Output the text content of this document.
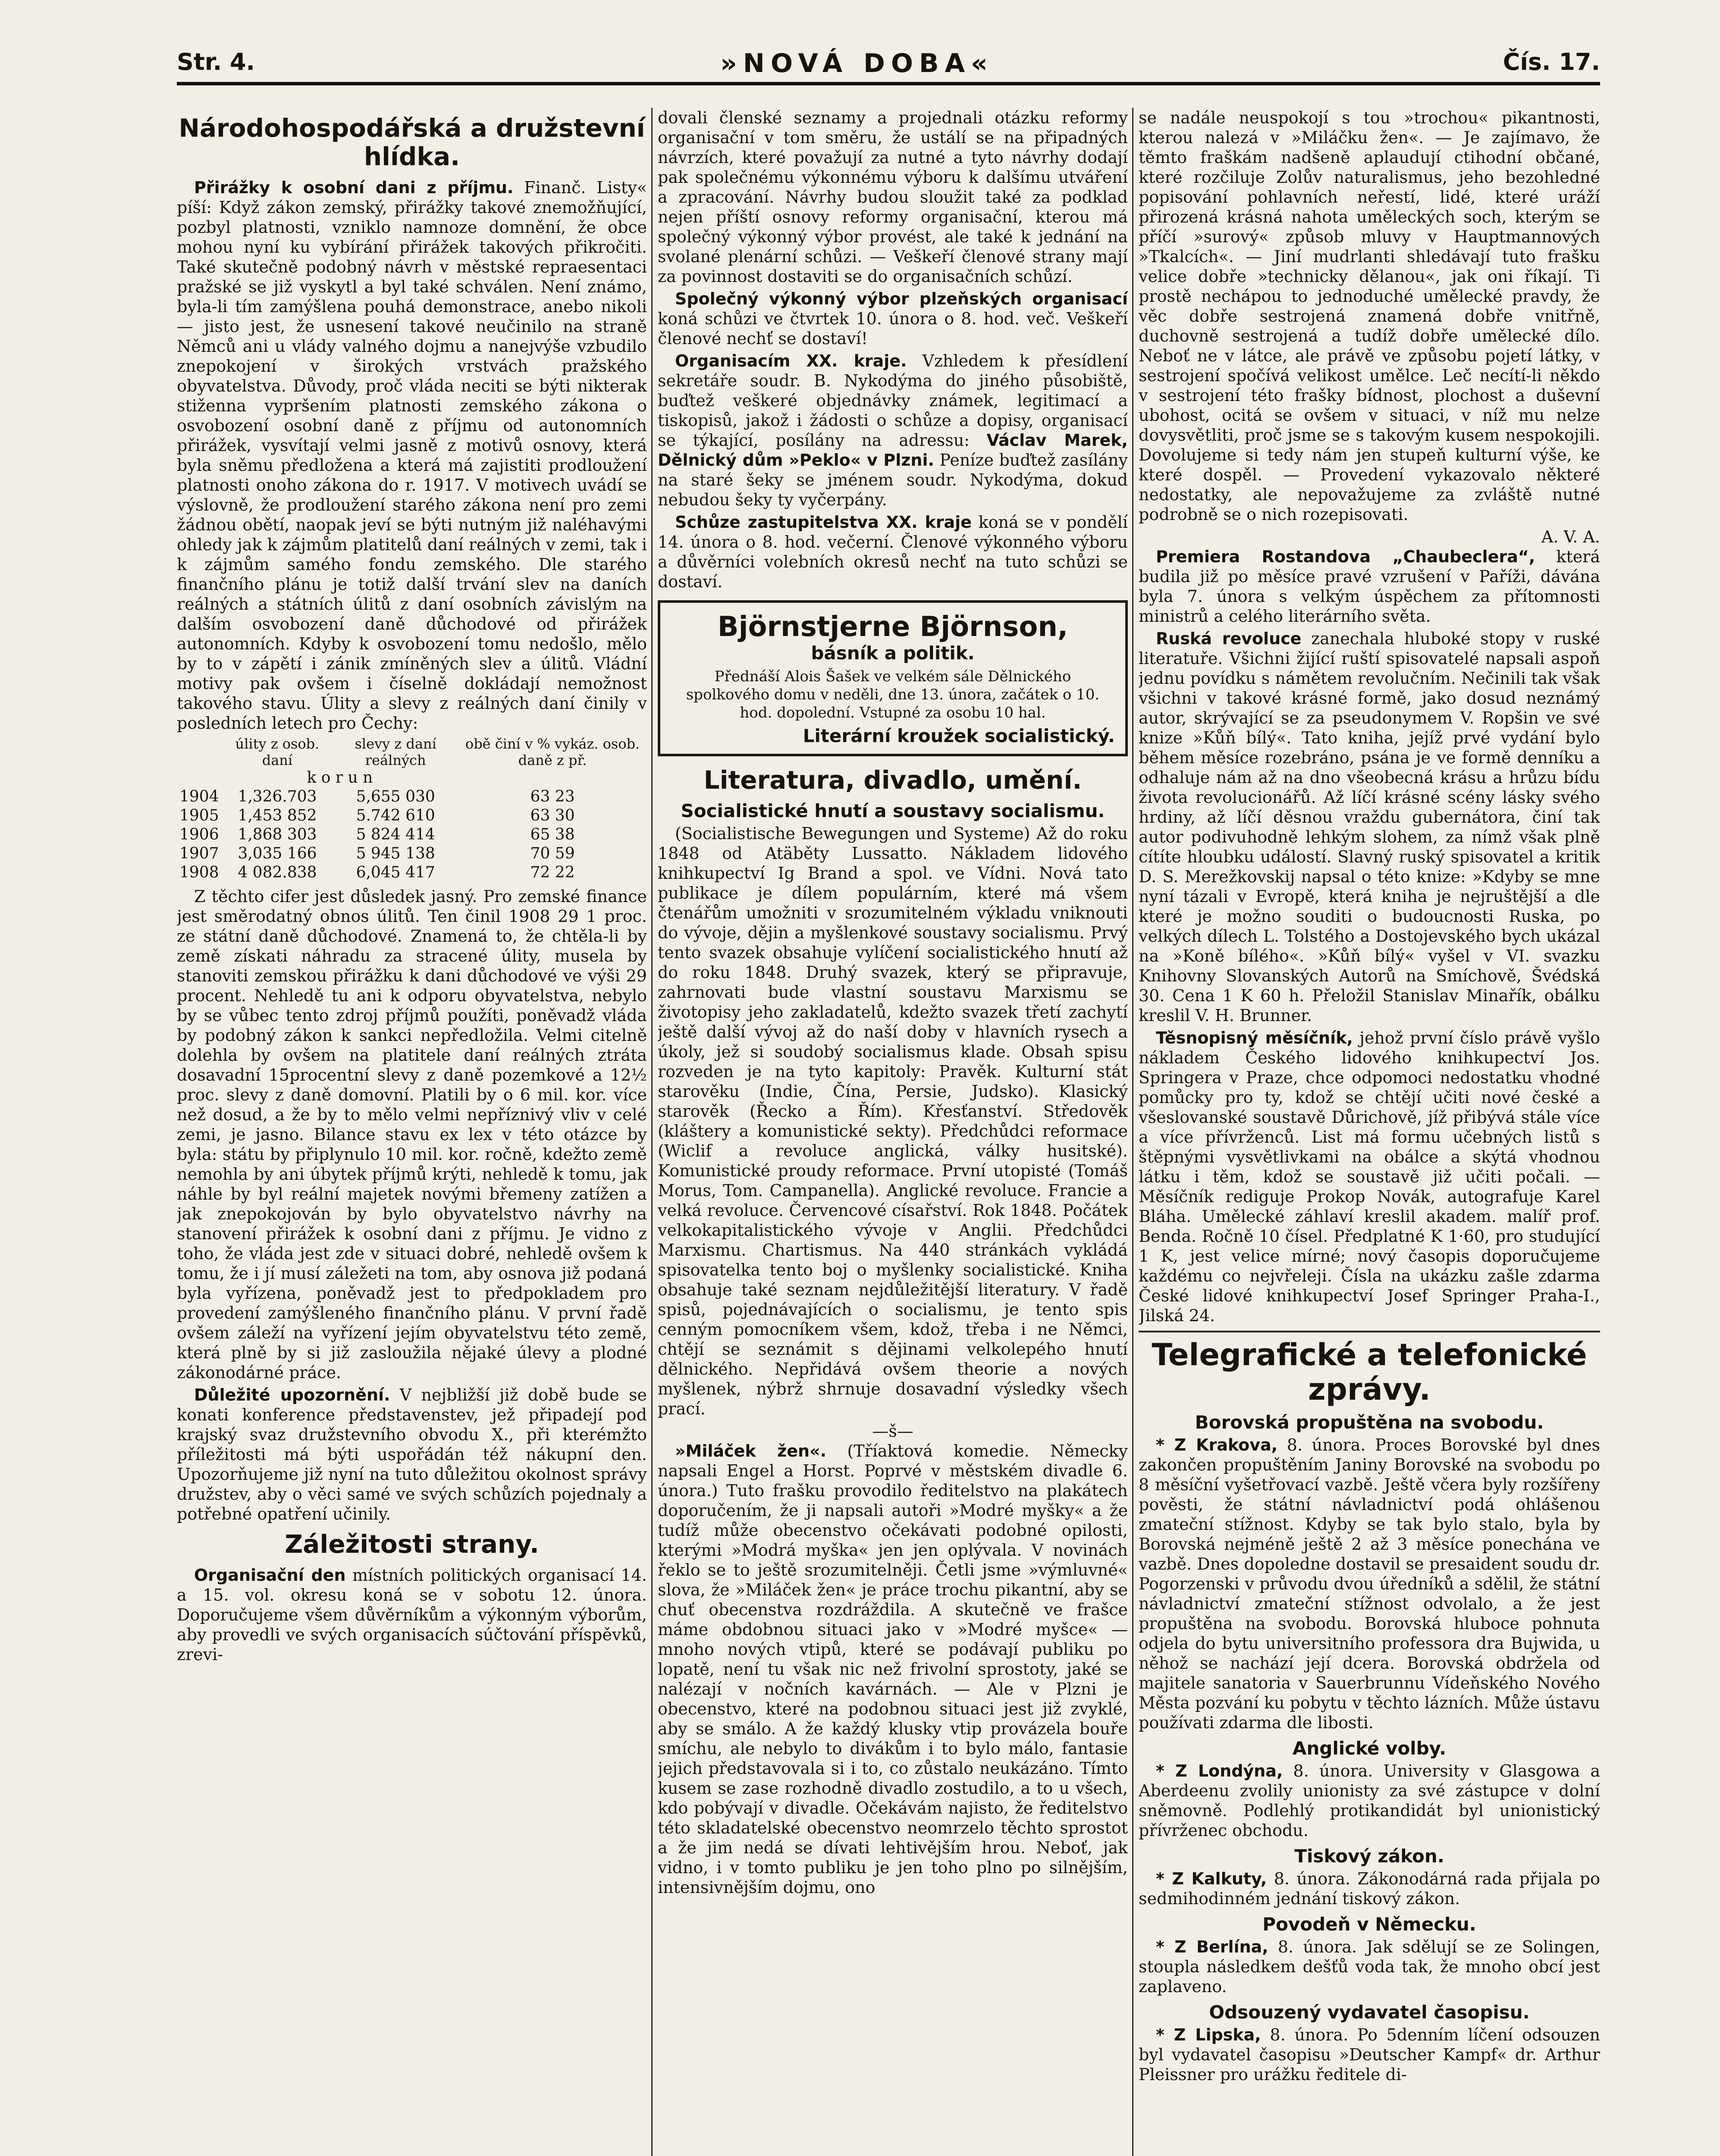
Str. 4.	»NOVÁ DOBA«	Čís. 17.
Národohospodářská a družstevní hlídka.

Přirážky k osobní dani z příjmu. Finanč. Listy« píší: Když zákon zemský, přirážky takové znemožňující, pozbyl platnosti, vzniklo namnoze domnění, že obce mohou nyní ku vybírání přirážek takových přikročiti. Také skutečně podobný návrh v městské repraesentaci pražské se již vyskytl a byl také schválen. Není známo, byla-li tím zamýšlena pouhá demonstrace, anebo nikoli — jisto jest, že usnesení takové neučinilo na straně Němců ani u vlády valného dojmu a nanejvýše vzbudilo znepokojení v širokých vrstvách pražského obyvatelstva. Důvody, proč vláda neciti se býti nikterak stiženna vypršením platnosti zemského zákona o osvobození osobní daně z příjmu od autonomních přirážek, vysvítají velmi jasně z motivů osnovy, která byla sněmu předložena a která má zajistiti prodloužení platnosti onoho zákona do r. 1917. V motivech uvádí se výslovně, že prodloužení starého zákona není pro zemi žádnou obětí, naopak jeví se býti nutným již naléhavými ohledy jak k zájmům platitelů daní reálných v zemi, tak i k zájmům samého fondu zemského. Dle starého finančního plánu je totiž další trvání slev na daních reálných a státních úlitů z daní osobních závislým na dalším osvobození daně důchodové od přirážek autonomních. Kdyby k osvobození tomu nedošlo, mělo by to v zápětí i zánik zmíněných slev a úlitů. Vládní motivy pak ovšem i číselně dokládají nemožnost takového stavu. Úlity a slevy z reálných daní činily v posledních letech pro Čechy:

	úlity z osob. daní	slevy z daní reálných	obě činí v % vykáz. osob. daně z př.
	k o r u n		
1904	1,326.703	5,655 030	63 23
1905	1,453 852	5.742 610	63 30
1906	1,868 303	5 824 414	65 38
1907	3,035 166	5 945 138	70 59
1908	4 082.838	6,045 417	72 22

Z těchto cifer jest důsledek jasný. Pro zemské finance jest směrodatný obnos úlitů. Ten činil 1908 29 1 proc. ze státní daně důchodové. Znamená to, že chtěla-li by země získati náhradu za stracené úlity, musela by stanoviti zemskou přirážku k dani důchodové ve výši 29 procent. Nehledě tu ani k odporu obyvatelstva, nebylo by se vůbec tento zdroj příjmů použíti, poněvadž vláda by podobný zákon k sankci nepředložila. Velmi citelně dolehla by ovšem na platitele daní reálných ztráta dosavadní 15procentní slevy z daně pozemkové a 12½ proc. slevy z daně domovní. Platili by o 6 mil. kor. více než dosud, a že by to mělo velmi nepříznivý vliv v celé zemi, je jasno. Bilance stavu ex lex v této otázce by byla: státu by připlynulo 10 mil. kor. ročně, kdežto země nemohla by ani úbytek příjmů krýti, nehledě k tomu, jak náhle by byl reální majetek novými břemeny zatížen a jak znepokojován by bylo obyvatelstvo návrhy na stanovení přirážek k osobní dani z příjmu. Je vidno z toho, že vláda jest zde v situaci dobré, nehledě ovšem k tomu, že i jí musí záležeti na tom, aby osnova již podaná byla vyřízena, poněvadž jest to předpokladem pro provedení zamýšleného finančního plánu. V první řadě ovšem záleží na vyřízení jejím obyvatelstvu této země, která plně by si již zasloužila nějaké úlevy a plodné zákonodárné práce.

Důležité upozornění. V nejbližší již době bude se konati konference představenstev, jež připadejí pod krajský svaz družstevního obvodu X., při kterémžto příležitosti má býti uspořádán též nákupní den. Upozorňujeme již nyní na tuto důležitou okolnost správy družstev, aby o věci samé ve svých schůzích pojednaly a potřebné opatření učinily.

Záležitosti strany.

Organisační den místních politických organisací 14. a 15. vol. okresu koná se v sobotu 12. února. Doporučujeme všem důvěrníkům a výkonným výborům, aby provedli ve svých organisacích súčtování příspěvků, zrevi-

dovali členské seznamy a projednali otázku reformy organisační v tom směru, že ustálí se na připadných návrzích, které považují za nutné a tyto návrhy dodají pak společnému výkonnému výboru k dalšímu utváření a zpracování. Návrhy budou sloužit také za podklad nejen příští osnovy reformy organisační, kterou má společný výkonný výbor provést, ale také k jednání na svolané plenární schůzi. — Veškeří členové strany mají za povinnost dostaviti se do organisačních schůzí.

Společný výkonný výbor plzeňských organisací koná schůzi ve čtvrtek 10. února o 8. hod. več. Veškeří členové nechť se dostaví!

Organisacím XX. kraje. Vzhledem k přesídlení sekretáře soudr. B. Nykodýma do jiného působiště, buďtež veškeré objednávky známek, legitimací a tiskopisů, jakož i žádosti o schůze a dopisy, organisací se týkající, posílány na adressu: Václav Marek, Dělnický dům »Peklo« v Plzni. Peníze buďtež zasílány na staré šeky se jménem soudr. Nykodýma, dokud nebudou šeky ty vyčerpány.

Schůze zastupitelstva XX. kraje koná se v pondělí 14. února o 8. hod. večerní. Členové výkonného výboru a důvěrníci volebních okresů nechť na tuto schůzi se dostaví.

Björnstjerne Björnson,
básník a politik.
Přednáší Alois Šašek ve velkém sále Dělnického spolkového domu v neděli, dne 13. února, začátek o 10. hod. dopolední. Vstupné za osobu 10 hal.
Literární kroužek socialistický.
Literatura, divadlo, umění.
Socialistické hnutí a soustavy socialismu.

(Socialistische Bewegungen und Systeme) Až do roku 1848 od Atäběty Lussatto. Nákladem lidového knihkupectví Ig Brand a spol. ve Vídni. Nová tato publikace je dílem populárním, které má všem čtenářům umožniti v srozumitelném výkladu vniknouti do vývoje, dějin a myšlenkové soustavy socialismu. Prvý tento svazek obsahuje vylíčení socialistického hnutí až do roku 1848. Druhý svazek, který se připravuje, zahrnovati bude vlastní soustavu Marxismu se životopisy jeho zakladatelů, kdežto svazek třetí zachytí ještě další vývoj až do naší doby v hlavních rysech a úkoly, jež si soudobý socialismus klade. Obsah spisu rozveden je na tyto kapitoly: Pravěk. Kulturní stát starověku (Indie, Čína, Persie, Judsko). Klasický starověk (Řecko a Řím). Křesťanství. Středověk (kláštery a komunistické sekty). Předchůdci reformace (Wiclif a revoluce anglická, války husitské). Komunistické proudy reformace. První utopisté (Tomáš Morus, Tom. Campanella). Anglické revoluce. Francie a velká revoluce. Červencové císařství. Rok 1848. Počátek velkokapitalistického vývoje v Anglii. Předchůdci Marxismu. Chartismus. Na 440 stránkách vykládá spisovatelka tento boj o myšlenky socialistické. Kniha obsahuje také seznam nejdůležitější literatury. V řadě spisů, pojednávajících o socialismu, je tento spis cenným pomocníkem všem, kdož, třeba i ne Němci, chtějí se seznámit s dějinami velkolepého hnutí dělnického. Nepřidává ovšem theorie a nových myšlenek, nýbrž shrnuje dosavadní výsledky všech prací.

—š—

»Miláček žen«. (Tříaktová komedie. Německy napsali Engel a Horst. Poprvé v městském divadle 6. února.) Tuto frašku provodilo ředitelstvo na plakátech doporučením, že ji napsali autoři »Modré myšky« a že tudíž může obecenstvo očekávati podobné opilosti, kterými »Modrá myška« jen jen oplývala. V novinách řeklo se to ještě srozumitelněji. Četli jsme »výmluvné« slova, že »Miláček žen« je práce trochu pikantní, aby se chuť obecenstva rozdráždila. A skutečně ve frašce máme obdobnou situaci jako v »Modré myšce« — mnoho nových vtipů, které se podávají publiku po lopatě, není tu však nic než frivolní sprostoty, jaké se nalézají v nočních kavárnách. — Ale v Plzni je obecenstvo, které na podobnou situaci jest již zvyklé, aby se smálo. A že každý klusky vtip provázela bouře smíchu, ale nebylo to divákům i to bylo málo, fantasie jejich představovala si i to, co zůstalo neukázáno. Tímto kusem se zase rozhodně divadlo zostudilo, a to u všech, kdo pobývají v divadle. Očekávám najisto, že ředitelstvo této skladatelské obecenstvo neomrzelo těchto sprostot a že jim nedá se dívati lehtivějším hrou. Neboť, jak vidno, i v tomto publiku je jen toho plno po silnějším, intensivnějším dojmu, ono

se nadále neuspokojí s tou »trochou« pikantnosti, kterou nalezá v »Miláčku žen«. — Je zajímavo, že těmto fraškám nadšeně aplaudují ctihodní občané, které rozčiluje Zolův naturalismus, jeho bezohledné popisování pohlavních neřestí, lidé, které uráží přirozená krásná nahota uměleckých soch, kterým se příčí »surový« způsob mluvy v Hauptmannových »Tkalcích«. — Jiní mudrlanti shledávají tuto frašku velice dobře »technicky dělanou«, jak oni říkají. Ti prostě nechápou to jednoduché umělecké pravdy, že věc dobře sestrojená znamená dobře vnitřně, duchovně sestrojená a tudíž dobře umělecké dílo. Neboť ne v látce, ale právě ve způsobu pojetí látky, v sestrojení spočívá velikost umělce. Leč necítí-li někdo v sestrojení této frašky bídnost, plochost a duševní ubohost, ocitá se ovšem v situaci, v níž mu nelze dovysvětliti, proč jsme se s takovým kusem nespokojili. Dovolujeme si tedy nám jen stupeň kulturní výše, ke které dospěl. — Provedení vykazovalo některé nedostatky, ale nepovažujeme za zvláště nutné podrobně se o nich rozepisovati.

A. V. A.

Premiera Rostandova „Chaubeclera“, která budila již po měsíce pravé vzrušení v Paříži, dávána byla 7. února s velkým úspěchem za přítomnosti ministrů a celého literárního světa.

Ruská revoluce zanechala hluboké stopy v ruské literatuře. Všichni žijící ruští spisovatelé napsali aspoň jednu povídku s námětem revolučním. Nečinili tak však všichni v takové krásné formě, jako dosud neznámý autor, skrývající se za pseudonymem V. Ropšin ve své knize »Kůň bílý«. Tato kniha, jejíž prvé vydání bylo během měsíce rozebráno, psána je ve formě denníku a odhaluje nám až na dno všeobecná krásu a hrůzu bídu života revolucionářů. Až líčí krásné scény lásky svého hrdiny, až líčí děsnou vraždu gubernátora, činí tak autor podivuhodně lehkým slohem, za nímž však plně cítíte hloubku událostí. Slavný ruský spisovatel a kritik D. S. Merežkovskij napsal o této knize: »Kdyby se mne nyní tázali v Evropě, která kniha je nejruštější a dle které je možno souditi o budoucnosti Ruska, po velkých dílech L. Tolstého a Dostojevského bych ukázal na »Koně bílého«. »Kůň bílý« vyšel v VI. svazku Knihovny Slovanských Autorů na Smíchově, Švédská 30. Cena 1 K 60 h. Přeložil Stanislav Minařík, obálku kreslil V. H. Brunner.

Těsnopisný měsíčník, jehož první číslo právě vyšlo nákladem Českého lidového knihkupectví Jos. Springera v Praze, chce odpomoci nedostatku vhodné pomůcky pro ty, kdož se chtějí učiti nové české a všeslovanské soustavě Důrichově, jíž přibývá stále více a více přívrženců. List má formu učebných listů s štěpnými vysvětlivkami na obálce a skýtá vhodnou látku i těm, kdož se soustavě již učiti počali. — Měsíčník rediguje Prokop Novák, autografuje Karel Bláha. Umělecké záhlaví kreslil akadem. malíř prof. Benda. Ročně 10 čísel. Předplatné K 1·60, pro studující 1 K, jest velice mírné; nový časopis doporučujeme každému co nejvřeleji. Čísla na ukázku zašle zdarma České lidové knihkupectví Josef Springer Praha-I., Jilská 24.

Telegrafické a telefonické zprávy.
Borovská propuštěna na svobodu.

* Z Krakova, 8. února. Proces Borovské byl dnes zakončen propuštěním Janiny Borovské na svobodu po 8 měsíční vyšetřovací vazbě. Ještě včera byly rozšířeny pověsti, že státní návladnictví podá ohlášenou zmateční stížnost. Kdyby se tak bylo stalo, byla by Borovská nejméně ještě 2 až 3 měsíce ponechána ve vazbě. Dnes dopoledne dostavil se presaident soudu dr. Pogorzenski v průvodu dvou úředníků a sdělil, že státní návladnictví zmateční stížnost odvolalo, a že jest propuštěna na svobodu. Borovská hluboce pohnuta odjela do bytu universitního professora dra Bujwida, u něhož se nachází její dcera. Borovská obdržela od majitele sanatoria v Sauerbrunnu Vídeňského Nového Města pozvání ku pobytu v těchto lázních. Může ústavu používati zdarma dle libosti.

Anglické volby.

* Z Londýna, 8. února. University v Glasgowa a Aberdeenu zvolily unionisty za své zástupce v dolní sněmovně. Podlehlý protikandidát byl unionistický přívrženec obchodu.

Tiskový zákon.

* Z Kalkuty, 8. února. Zákonodárná rada přijala po sedmihodinném jednání tiskový zákon.

Povodeň v Německu.

* Z Berlína, 8. února. Jak sdělují se ze Solingen, stoupla následkem dešťů voda tak, že mnoho obcí jest zaplaveno.

Odsouzený vydavatel časopisu.

* Z Lipska, 8. února. Po 5denním líčení odsouzen byl vydavatel časopisu »Deutscher Kampf« dr. Arthur Pleissner pro urážku ředitele di-
